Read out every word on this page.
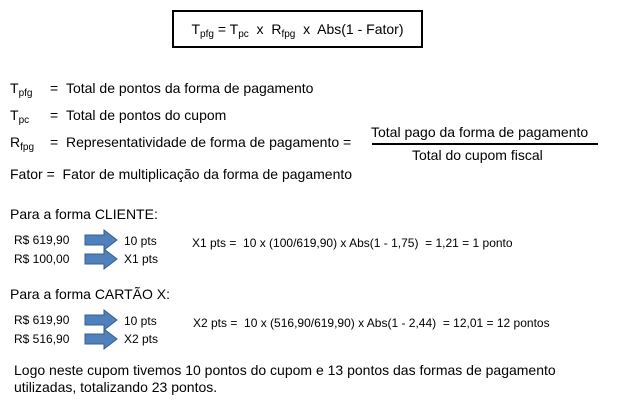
$T_{pfg} = T_{pc}$  x  $R_{fpg}$  x  Abs(1 - Fator)
$T_{pfg}$ = Total de pontos da forma de pagamento
$T_{pc}$ = Total de pontos do cupom
$R_{fpg}$ = Representatividade de forma de pagamento =
Fator = Fator de multiplicação da forma de pagamento
Total pago da forma de pagamento
Total do cupom fiscal
Para a forma CLIENTE:
R$ 619,90
R$ 100,00
10 pts
X1 pts
X1 pts =  10 x (100/619,90) x Abs(1 - 1,75)  = 1,21 = 1 ponto
Para a forma CARTÃO X:
R$ 619,90
R$ 516,90
10 pts
X2 pts
X2 pts =  10 x (516,90/619,90) x Abs(1 - 2,44)  = 12,01 = 12 pontos
Logo neste cupom tivemos 10 pontos do cupom e 13 pontos das formas de pagamento
utilizadas, totalizando 23 pontos.
